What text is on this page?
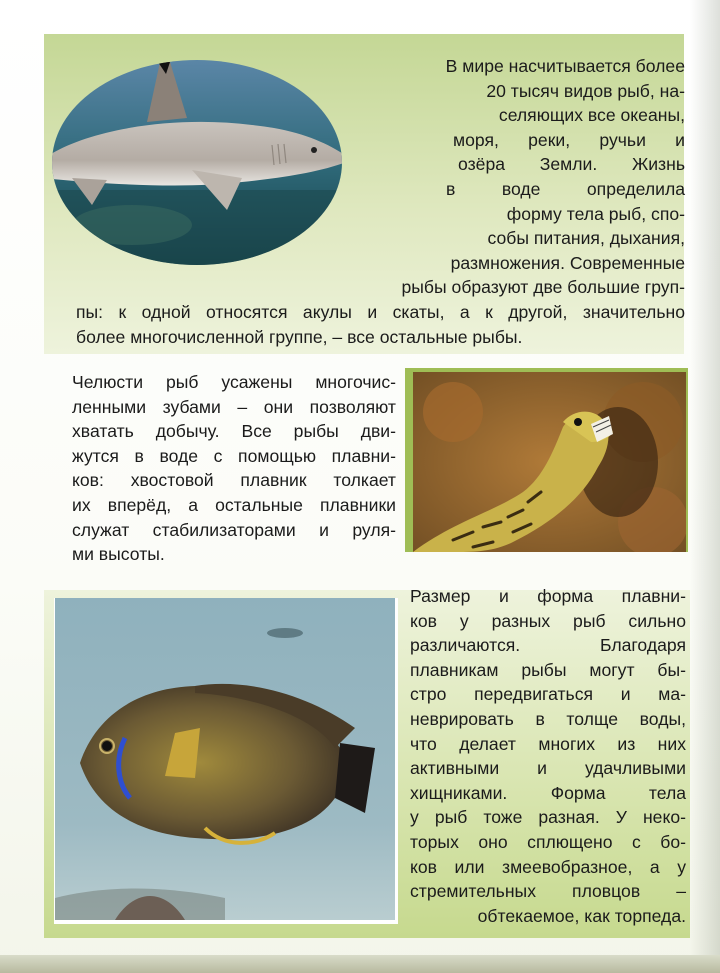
В мире насчитывается более
20 тысяч видов рыб, на-
селяющих все океаны,
моря, реки, ручьи и
озёра Земли. Жизнь
в воде определила
форму тела рыб, спо-
собы питания, дыхания,
размножения. Современные
рыбы образуют две большие груп-
пы: к одной относятся акулы и скаты, а к другой, значительно
более многочисленной группе, – все остальные рыбы.
Челюсти рыб усажены многочис-
ленными зубами – они позволяют
хватать добычу. Все рыбы дви-
жутся в воде с помощью плавни-
ков: хвостовой плавник толкает
их вперёд, а остальные плавники
служат стабилизаторами и руля-
ми высоты.
Размер и форма плавни-
ков у разных рыб сильно
различаются. Благодаря
плавникам рыбы могут бы-
стро передвигаться и ма-
неврировать в толще воды,
что делает многих из них
активными и удачливыми
хищниками. Форма тела
у рыб тоже разная. У неко-
торых оно сплющено с бо-
ков или змеевобразное, а у
стремительных пловцов –
обтекаемое, как торпеда.
